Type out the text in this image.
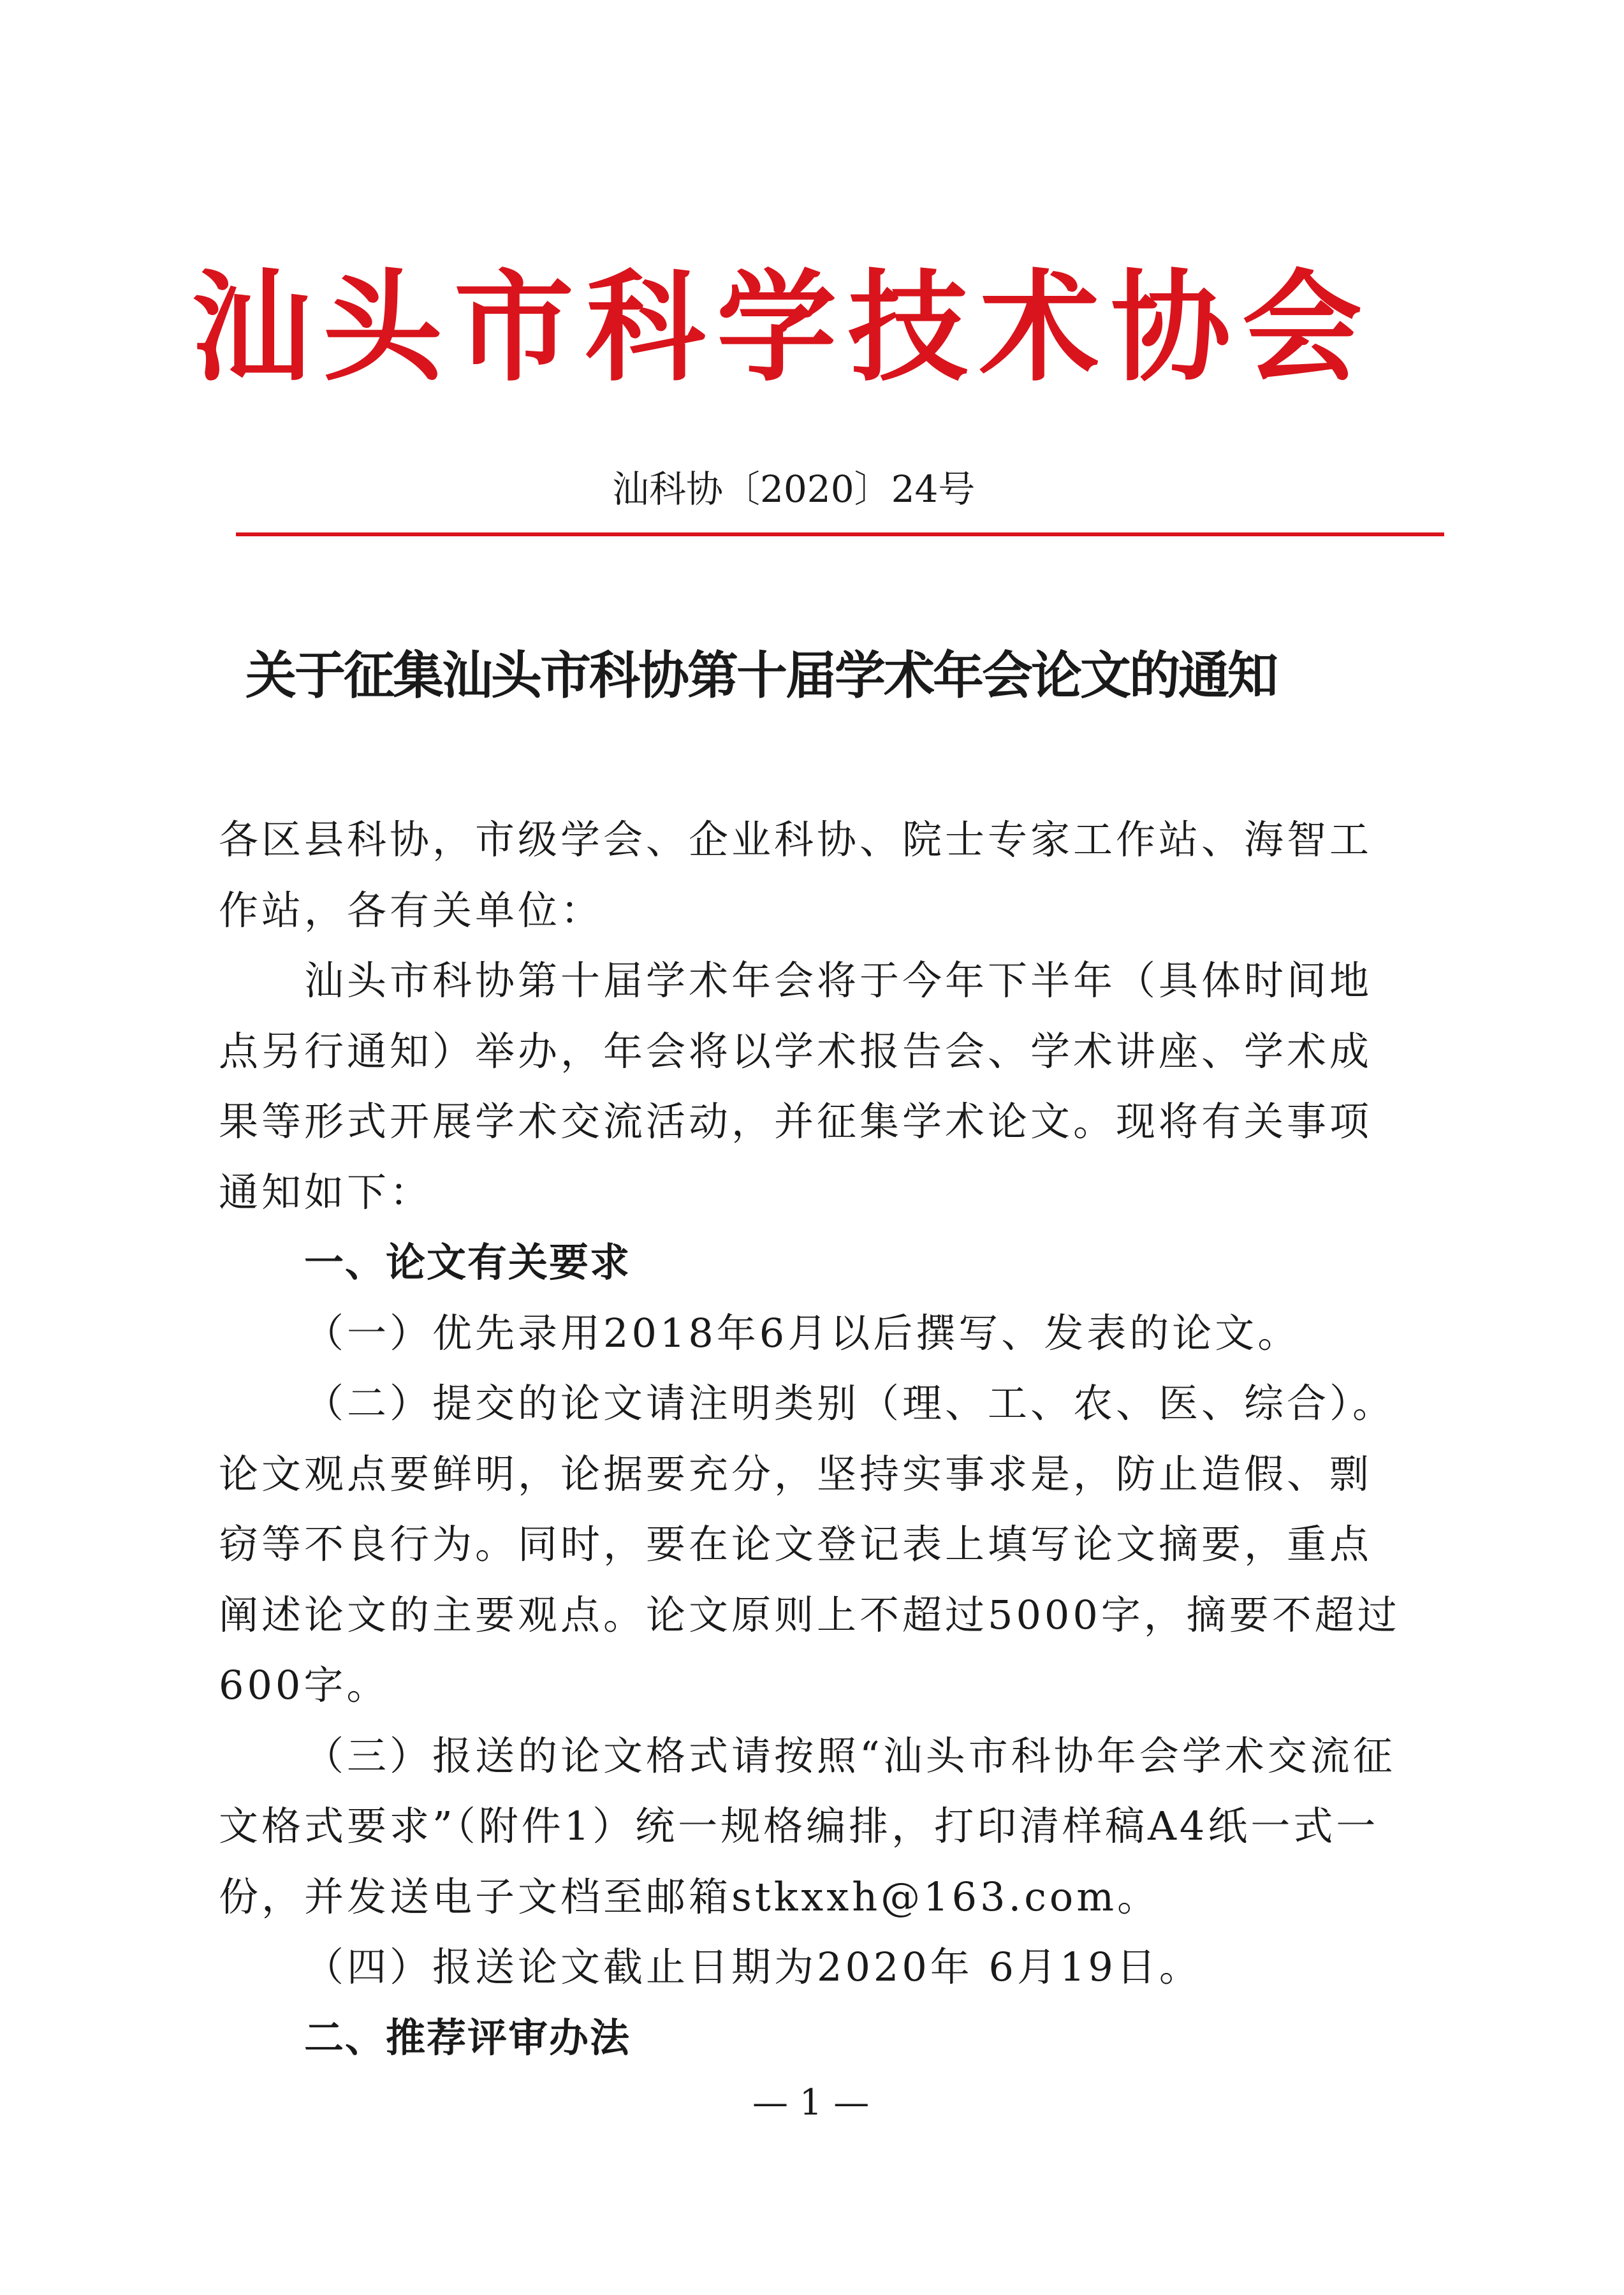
汕头市科学技术协会
汕科协〔2020〕24号
关于征集汕头市科协第十届学术年会论文的通知

各区县科协，市级学会、企业科协、院士专家工作站、海智工作站，各有关单位：

汕头市科协第十届学术年会将于今年下半年（具体时间地点另行通知）举办，年会将以学术报告会、学术讲座、学术成果等形式开展学术交流活动，并征集学术论文。现将有关事项通知如下：

一、论文有关要求

（一）优先录用2018年6月以后撰写、发表的论文。

（二）提交的论文请注明类别（理、工、农、医、综合）。论文观点要鲜明，论据要充分，坚持实事求是，防止造假、剽窃等不良行为。同时，要在论文登记表上填写论文摘要，重点阐述论文的主要观点。论文原则上不超过5000字，摘要不超过600字。

（三）报送的论文格式请按照“汕头市科协年会学术交流征文格式要求”（附件1）统一规格编排，打印清样稿A4纸一式一份，并发送电子文档至邮箱stkxxh@163.com。

（四）报送论文截止日期为2020年 6月19日。

二、推荐评审办法

— 1 —
